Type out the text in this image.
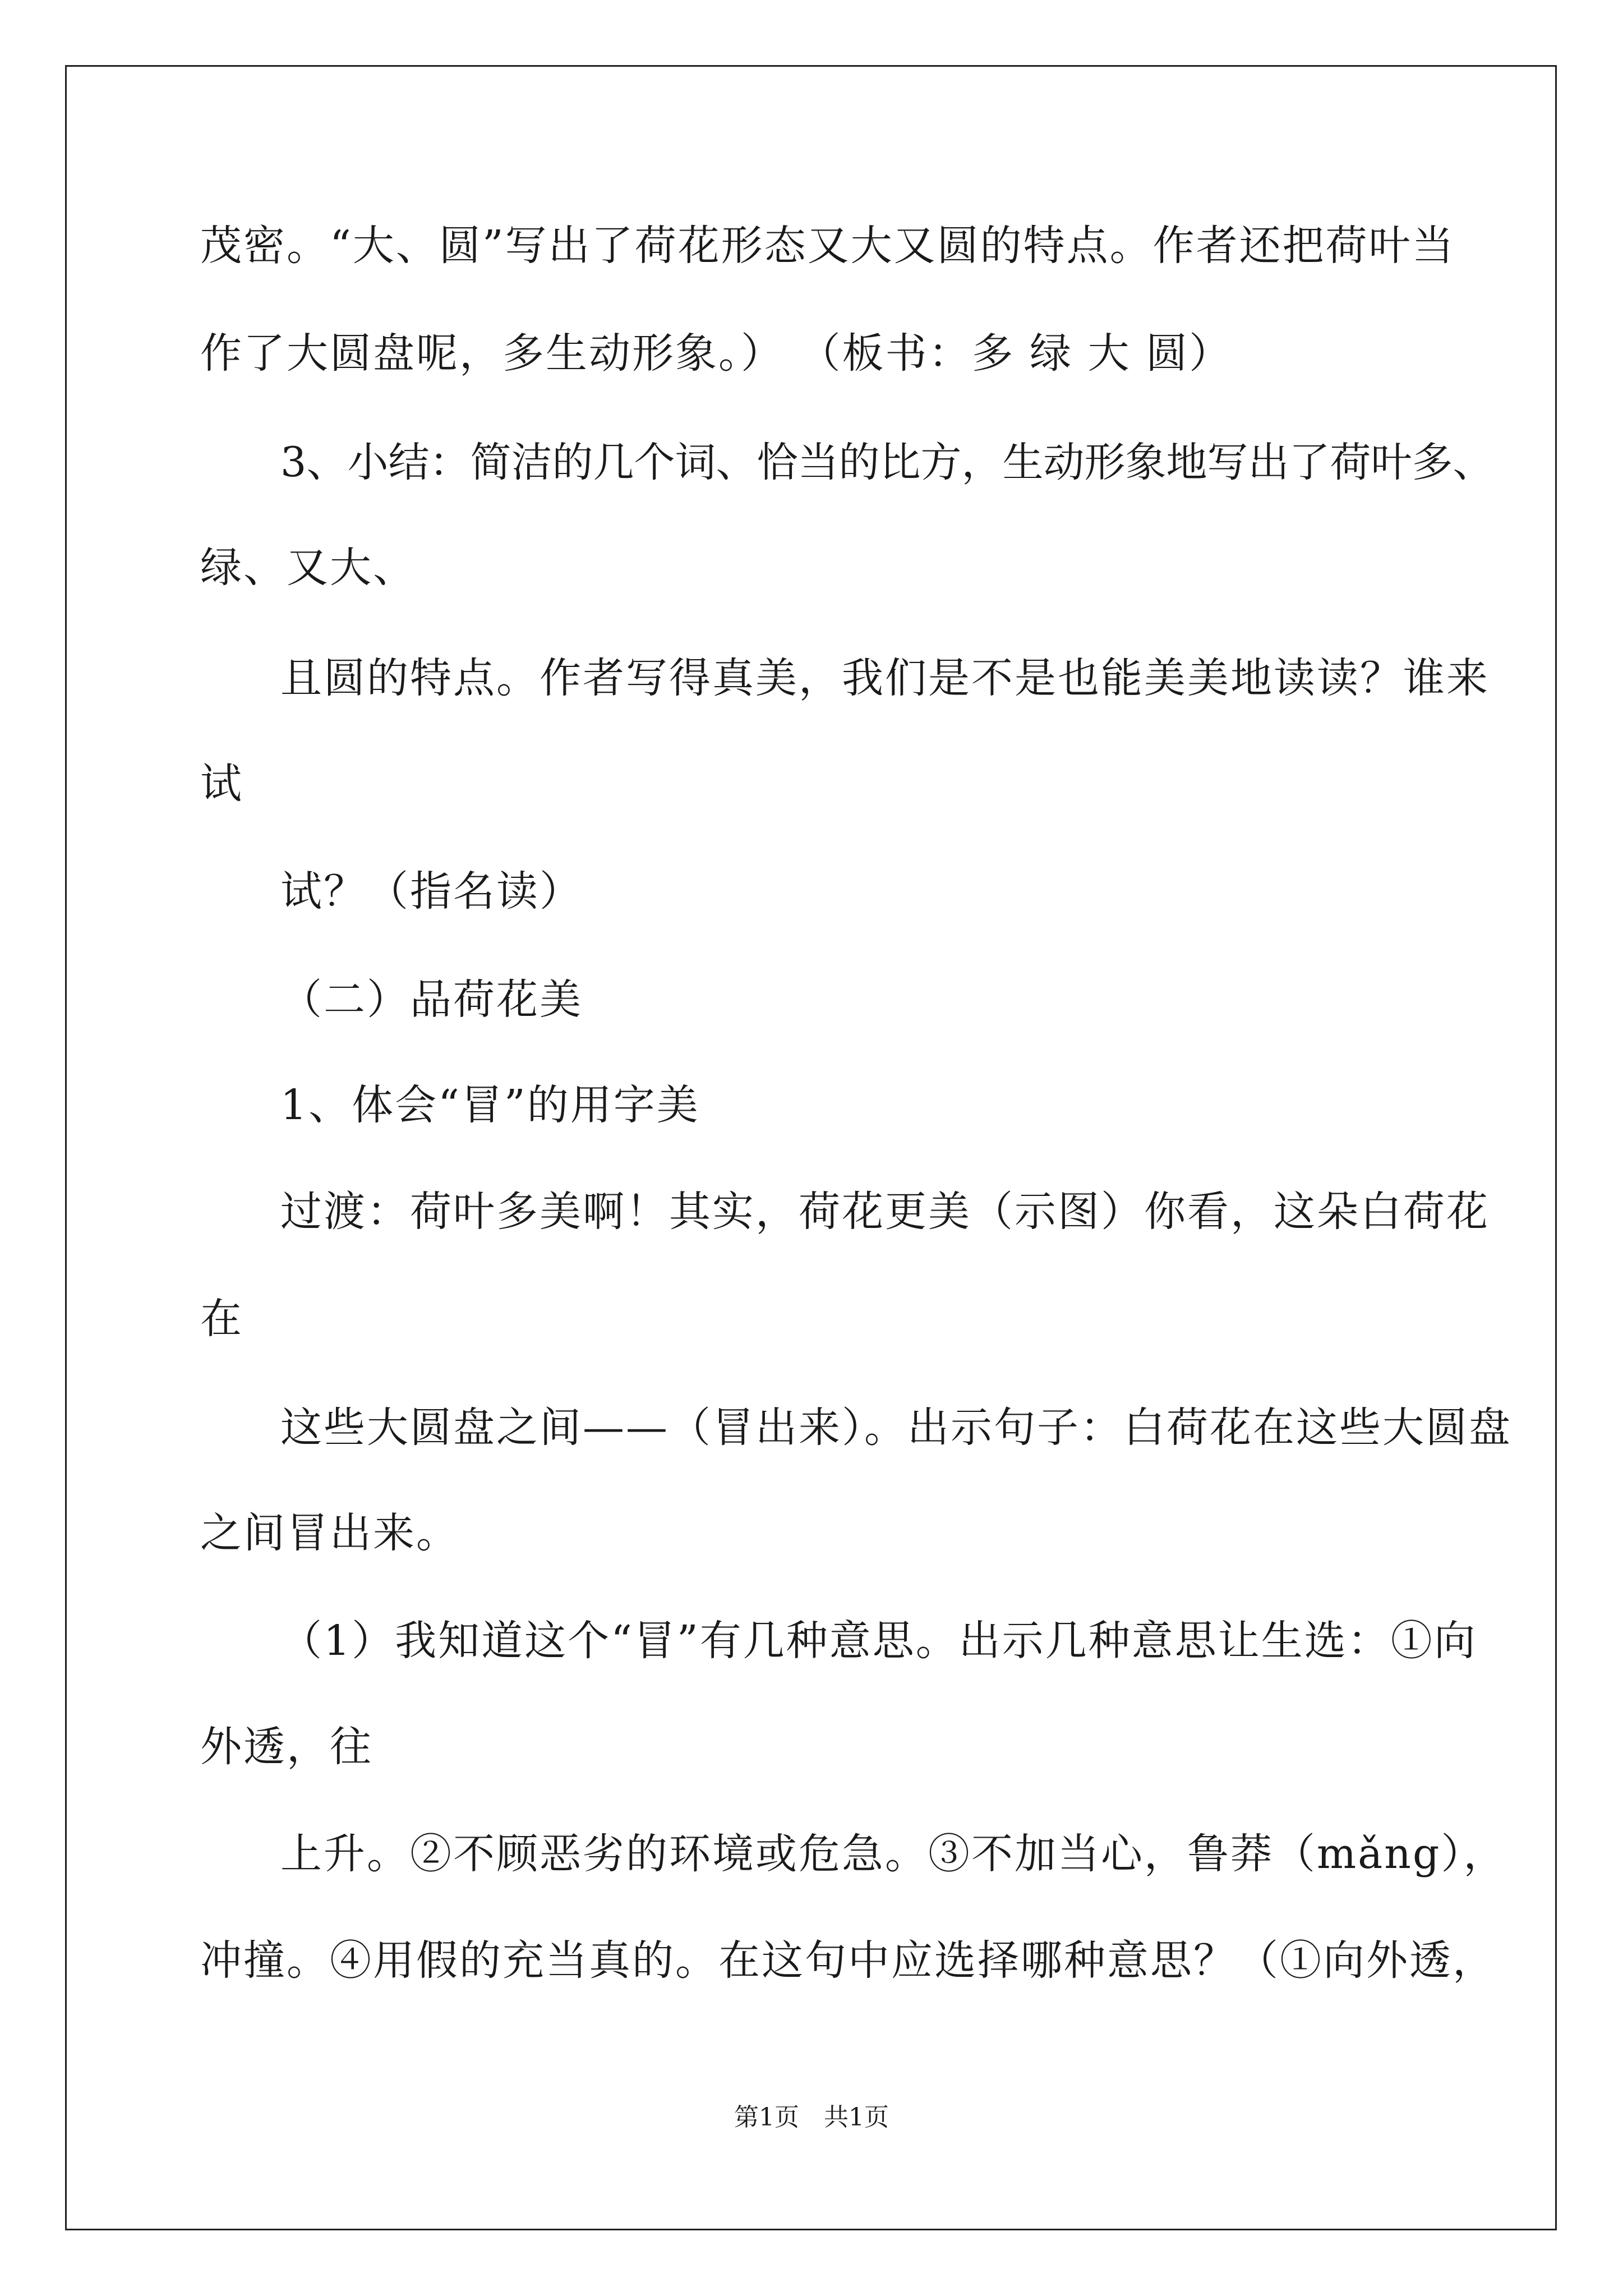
茂密。“大、圆”写出了荷花形态又大又圆的特点。作者还把荷叶当
作了大圆盘呢，多生动形象。） （板书：多 绿 大 圆）
3、小结：简洁的几个词、恰当的比方，生动形象地写出了荷叶多、
绿、又大、
且圆的特点。作者写得真美，我们是不是也能美美地读读？谁来
试
试？（指名读）
（二）品荷花美
1、体会“冒”的用字美
过渡：荷叶多美啊！其实，荷花更美（示图）你看，这朵白荷花
在
这些大圆盘之间——（冒出来）。出示句子：白荷花在这些大圆盘
之间冒出来。
（1）我知道这个“冒”有几种意思。出示几种意思让生选：①向
外透，往
上升。②不顾恶劣的环境或危急。③不加当心，鲁莽（mǎng），
冲撞。④用假的充当真的。在这句中应选择哪种意思？（①向外透，
第1页　共1页
